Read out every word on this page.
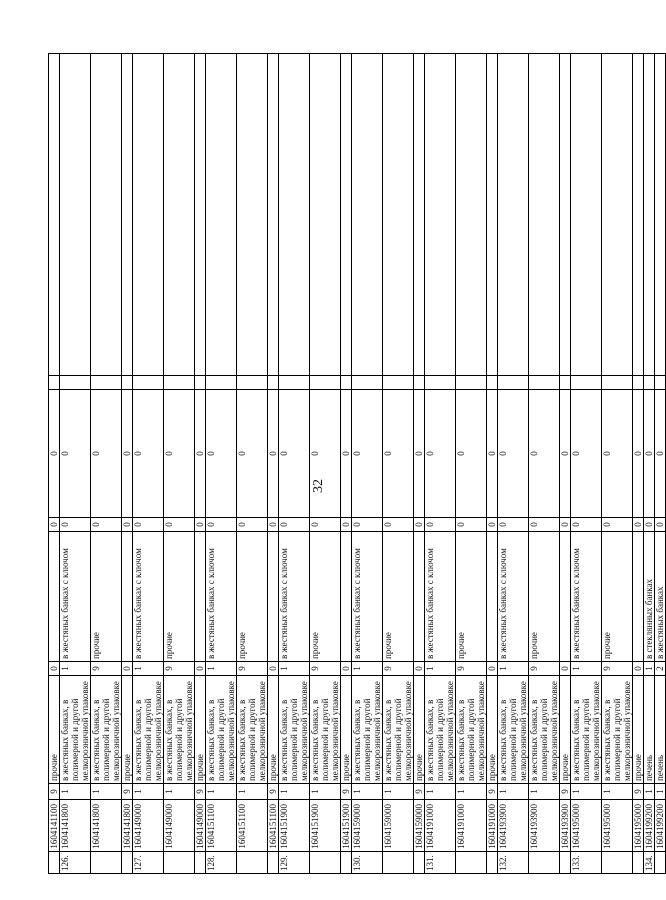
32
	1604141100	9	прочие	0		0	0		
126.	1604141800	1	в жестяных банках, в полимерной и другой мелкорозничной упаковке	1	в жестяных банках с ключом	0	0		
	1604141800	1	в жестяных банках, в полимерной и другой мелкорозничной упаковке	9	прочие	0	0		
	1604141800	9	прочие	0		0	0		
127.	1604149000	1	в жестяных банках, в полимерной и другой мелкорозничной упаковке	1	в жестяных банках с ключом	0	0		
	1604149000	1	в жестяных банках, в полимерной и другой мелкорозничной упаковке	9	прочие	0	0		
	1604149000	9	прочие	0		0	0		
128.	1604151100	1	в жестяных банках, в полимерной и другой мелкорозничной упаковке	1	в жестяных банках с ключом	0	0		
	1604151100	1	в жестяных банках, в полимерной и другой мелкорозничной упаковке	9	прочие	0	0		
	1604151100	9	прочие	0		0	0		
129.	1604151900	1	в жестяных банках, в полимерной и другой мелкорозничной упаковке	1	в жестяных банках с ключом	0	0		
	1604151900	1	в жестяных банках, в полимерной и другой мелкорозничной упаковке	9	прочие	0	0		
	1604151900	9	прочие	0		0	0		
130.	1604159000	1	в жестяных банках, в полимерной и другой мелкорозничной упаковке	1	в жестяных банках с ключом	0	0		
	1604159000	1	в жестяных банках, в полимерной и другой мелкорозничной упаковке	9	прочие	0	0		
	1604159000	9	прочие	0		0	0		
131.	1604191000	1	в жестяных банках, в полимерной и другой мелкорозничной упаковке	1	в жестяных банках с ключом	0	0		
	1604191000	1	в жестяных банках, в полимерной и другой мелкорозничной упаковке	9	прочие	0	0		
	1604191000	9	прочие	0		0	0		
132.	1604193900	1	в жестяных банках, в полимерной и другой мелкорозничной упаковке	1	в жестяных банках с ключом	0	0		
	1604193900	1	в жестяных банках, в полимерной и другой мелкорозничной упаковке	9	прочие	0	0		
	1604193900	9	прочие	0		0	0		
133.	1604195000	1	в жестяных банках, в полимерной и другой мелкорозничной упаковке	1	в жестяных банках с ключом	0	0		
	1604195000	1	в жестяных банках, в полимерной и другой мелкорозничной упаковке	9	прочие	0	0		
	1604195000	9	прочие	0		0	0		
134.	1604199200	1	печень	1	в стеклянных банках	0	0		
	1604199200	1	печень	2	в жестяных банках	0	0		
